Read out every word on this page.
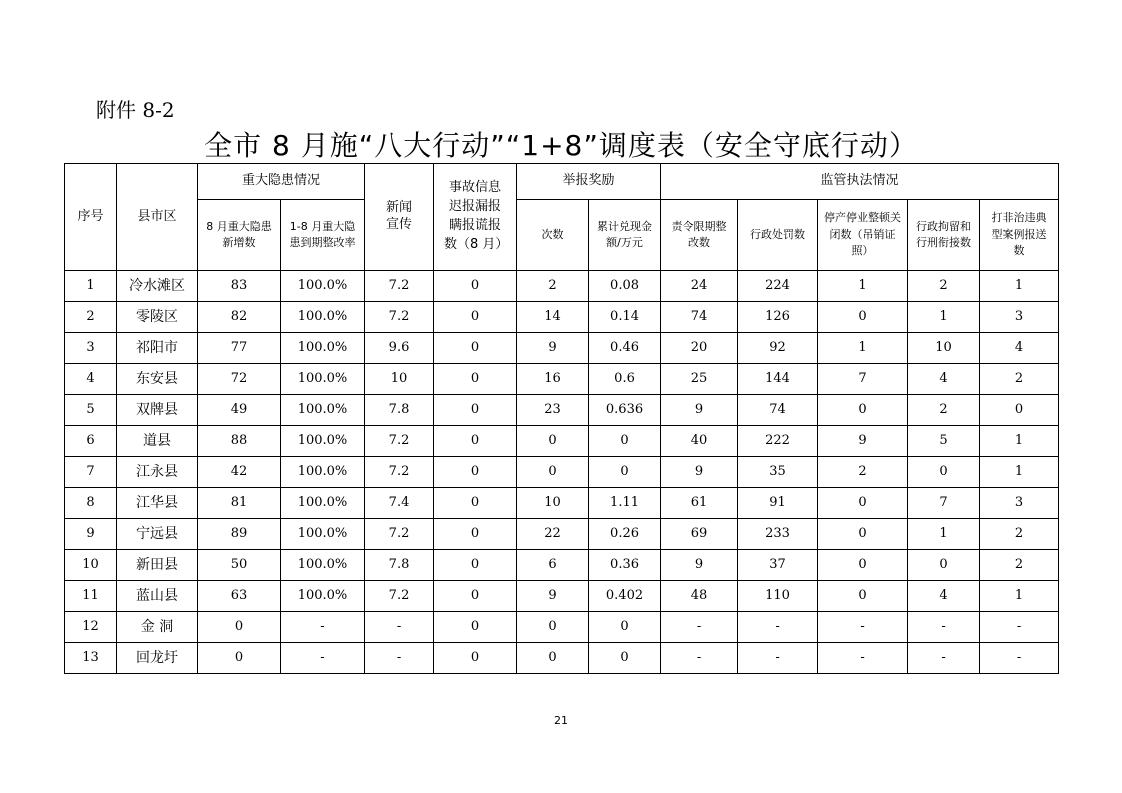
附件 8-2
全市 8 月施“八大行动”“1+8”调度表（安全守底行动）
序号	县市区	重大隐患情况		新闻宣传	事故信息迟报漏报瞒报谎报数（8 月）	举报奖励		监管执法情况				
		8 月重大隐患新增数	1-8 月重大隐患到期整改率			次数	累计兑现金额/万元	责令限期整改数	行政处罚数	停产停业整顿关闭数（吊销证照）	行政拘留和行刑衔接数	打非治违典型案例报送数
1	冷水滩区	83	100.0%	7.2	0	2	0.08	24	224	1	2	1
2	零陵区	82	100.0%	7.2	0	14	0.14	74	126	0	1	3
3	祁阳市	77	100.0%	9.6	0	9	0.46	20	92	1	10	4
4	东安县	72	100.0%	10	0	16	0.6	25	144	7	4	2
5	双牌县	49	100.0%	7.8	0	23	0.636	9	74	0	2	0
6	道县	88	100.0%	7.2	0	0	0	40	222	9	5	1
7	江永县	42	100.0%	7.2	0	0	0	9	35	2	0	1
8	江华县	81	100.0%	7.4	0	10	1.11	61	91	0	7	3
9	宁远县	89	100.0%	7.2	0	22	0.26	69	233	0	1	2
10	新田县	50	100.0%	7.8	0	6	0.36	9	37	0	0	2
11	蓝山县	63	100.0%	7.2	0	9	0.402	48	110	0	4	1
12	金 洞	0	-	-	0	0	0	-	-	-	-	-
13	回龙圩	0	-	-	0	0	0	-	-	-	-	-
21
